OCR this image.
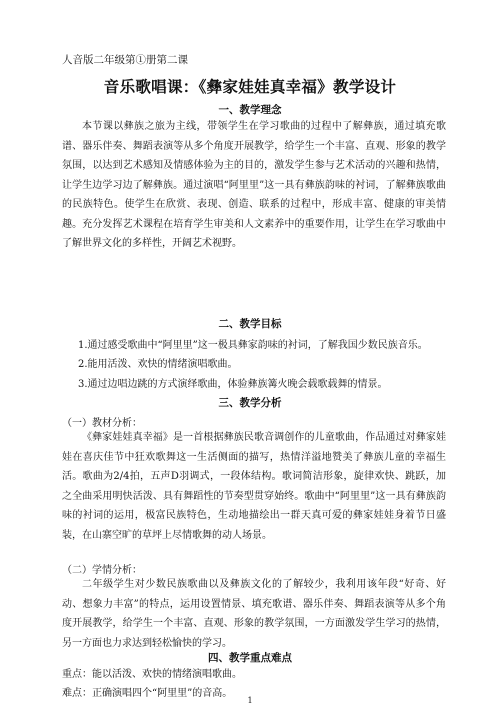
人音版二年级第①册第二课
音乐歌唱课：《彝家娃娃真幸福》教学设计
一、教学理念

本节课以彝族之旅为主线，带领学生在学习歌曲的过程中了解彝族，通过填充歌谱、器乐伴奏、舞蹈表演等从多个角度开展教学，给学生一个丰富、直观、形象的教学氛围，以达到艺术感知及情感体验为主的目的，激发学生参与艺术活动的兴趣和热情，让学生边学习边了解彝族。通过演唱“阿里里”这一具有彝族韵味的衬词，了解彝族歌曲的民族特色。使学生在欣赏、表现、创造、联系的过程中，形成丰富、健康的审美情趣。充分发挥艺术课程在培育学生审美和人文素养中的重要作用，让学生在学习歌曲中了解世界文化的多样性，开阔艺术视野。

二、教学目标
1.通过感受歌曲中“阿里里”这一极具彝家韵味的衬词，了解我国少数民族音乐。
2.能用活泼、欢快的情绪演唱歌曲。
3.通过边唱边跳的方式演绎歌曲，体验彝族篝火晚会载歌载舞的情景。
三、教学分析
（一）教材分析：

《彝家娃娃真幸福》是一首根据彝族民歌音调创作的儿童歌曲，作品通过对彝家娃娃在喜庆佳节中狂欢歌舞这一生活侧面的描写，热情洋溢地赞美了彝族儿童的幸福生活。歌曲为2/4拍，五声D羽调式，一段体结构。歌词简洁形象，旋律欢快、跳跃，加之全曲采用明快活泼、具有舞蹈性的节奏型贯穿始终。歌曲中“阿里里”这一具有彝族韵味的衬词的运用，极富民族特色，生动地描绘出一群天真可爱的彝家娃娃身着节日盛装，在山寨空旷的草坪上尽情歌舞的动人场景。

（二）学情分析：

二年级学生对少数民族歌曲以及彝族文化的了解较少，我利用该年段“好奇、好动、想象力丰富”的特点，运用设置情景、填充歌谱、器乐伴奏、舞蹈表演等从多个角度开展教学，给学生一个丰富、直观、形象的教学氛围，一方面激发学生学习的热情，另一方面也力求达到轻松愉快的学习。

四、教学重点难点
重点：能以活泼、欢快的情绪演唱歌曲。
难点：正确演唱四个“阿里里”的音高。
1
